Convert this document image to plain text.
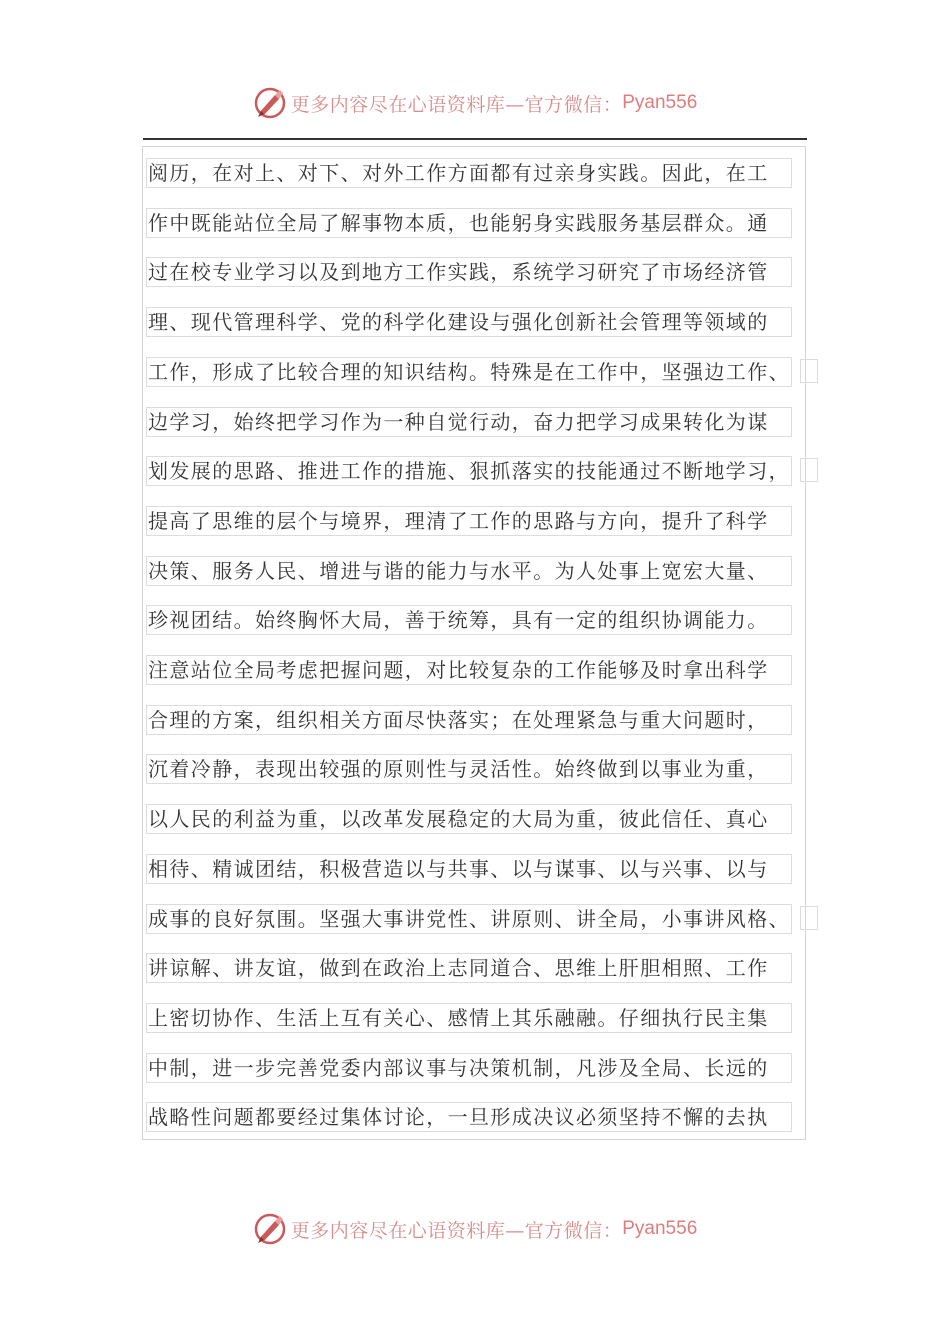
更多内容尽在心语资料库—官方微信： Pyan556
阅历，在对上、对下、对外工作方面都有过亲身实践。因此，在工
作中既能站位全局了解事物本质，也能躬身实践服务基层群众。通
过在校专业学习以及到地方工作实践，系统学习研究了市场经济管
理、现代管理科学、党的科学化建设与强化创新社会管理等领域的
工作，形成了比较合理的知识结构。特殊是在工作中，坚强边工作、
边学习，始终把学习作为一种自觉行动，奋力把学习成果转化为谋
划发展的思路、推进工作的措施、狠抓落实的技能通过不断地学习，
提高了思维的层个与境界，理清了工作的思路与方向，提升了科学
决策、服务人民、增进与谐的能力与水平。为人处事上宽宏大量、
珍视团结。始终胸怀大局，善于统筹，具有一定的组织协调能力。
注意站位全局考虑把握问题，对比较复杂的工作能够及时拿出科学
合理的方案，组织相关方面尽快落实；在处理紧急与重大问题时，
沉着冷静，表现出较强的原则性与灵活性。始终做到以事业为重，
以人民的利益为重，以改革发展稳定的大局为重，彼此信任、真心
相待、精诚团结，积极营造以与共事、以与谋事、以与兴事、以与
成事的良好氛围。坚强大事讲党性、讲原则、讲全局，小事讲风格、
讲谅解、讲友谊，做到在政治上志同道合、思维上肝胆相照、工作
上密切协作、生活上互有关心、感情上其乐融融。仔细执行民主集
中制，进一步完善党委内部议事与决策机制，凡涉及全局、长远的
战略性问题都要经过集体讨论，一旦形成决议必须坚持不懈的去执
更多内容尽在心语资料库—官方微信： Pyan556
